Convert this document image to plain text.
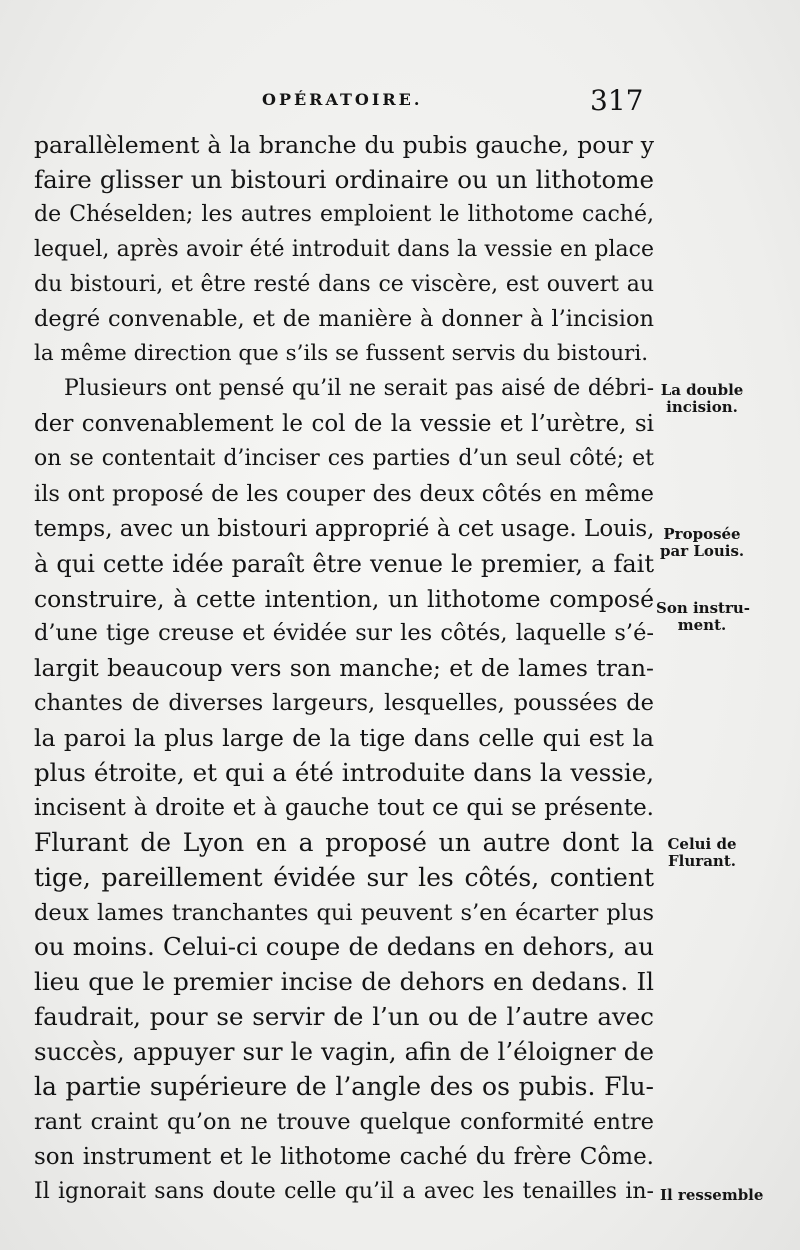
OPÉRATOIRE.	317

parallèlement à la branche du pubis gauche, pour y
faire glisser un bistouri ordinaire ou un lithotome
de Chéselden; les autres emploient le lithotome caché,
lequel, après avoir été introduit dans la vessie en place
du bistouri, et être resté dans ce viscère, est ouvert au
degré convenable, et de manière à donner à l’incision
la même direction que s’ils se fussent servis du bistouri.
Plusieurs ont pensé qu’il ne serait pas aisé de débri-
der convenablement le col de la vessie et l’urètre, si
on se contentait d’inciser ces parties d’un seul côté; et
ils ont proposé de les couper des deux côtés en même
temps, avec un bistouri approprié à cet usage. Louis,
à qui cette idée paraît être venue le premier, a fait
construire, à cette intention, un lithotome composé
d’une tige creuse et évidée sur les côtés, laquelle s’é-
largit beaucoup vers son manche; et de lames tran-
chantes de diverses largeurs, lesquelles, poussées de
la paroi la plus large de la tige dans celle qui est la
plus étroite, et qui a été introduite dans la vessie,
incisent à droite et à gauche tout ce qui se présente.
Flurant de Lyon en a proposé un autre dont la
tige, pareillement évidée sur les côtés, contient
deux lames tranchantes qui peuvent s’en écarter plus
ou moins. Celui-ci coupe de dedans en dehors, au
lieu que le premier incise de dehors en dedans. Il
faudrait, pour se servir de l’un ou de l’autre avec
succès, appuyer sur le vagin, afin de l’éloigner de
la partie supérieure de l’angle des os pubis. Flu-
rant craint qu’on ne trouve quelque conformité entre
son instrument et le lithotome caché du frère Côme.
Il ignorait sans doute celle qu’il a avec les tenailles in-
La double
incision.
Proposée
par Louis.
Son instru-
ment.
Celui de
Flurant.
Il ressemble
